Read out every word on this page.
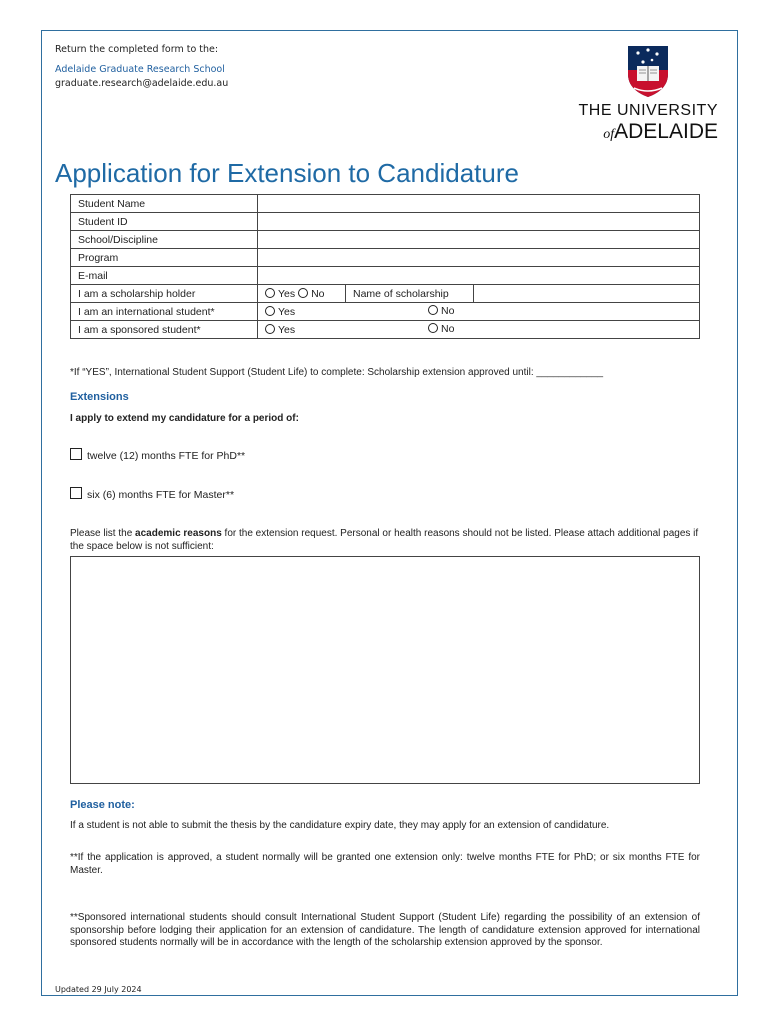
Return the completed form to the:
Adelaide Graduate Research School
graduate.research@adelaide.edu.au
THE UNIVERSITY
ofADELAIDE
Application for Extension to Candidature
Student Name			
Student ID			
School/Discipline			
Program			
E-mail			
I am a scholarship holder	Yes No	Name of scholarship	
I am an international student*	Yes No		

I am a sponsored student*	Yes No		
*If “YES”, International Student Support (Student Life) to complete: Scholarship extension approved until: ____________
Extensions
I apply to extend my candidature for a period of:
twelve (12) months FTE for PhD**
six (6) months FTE for Master**
Please list the academic reasons for the extension request. Personal or health reasons should not be listed. Please attach additional pages if the space below is not sufficient:
Please note:
If a student is not able to submit the thesis by the candidature expiry date, they may apply for an extension of candidature.
**If the application is approved, a student normally will be granted one extension only: twelve months FTE for PhD; or six months FTE for Master.
**Sponsored international students should consult International Student Support (Student Life) regarding the possibility of an extension of sponsorship before lodging their application for an extension of candidature. The length of candidature extension approved for international sponsored students normally will be in accordance with the length of the scholarship extension approved by the sponsor.
Updated 29 July 2024
